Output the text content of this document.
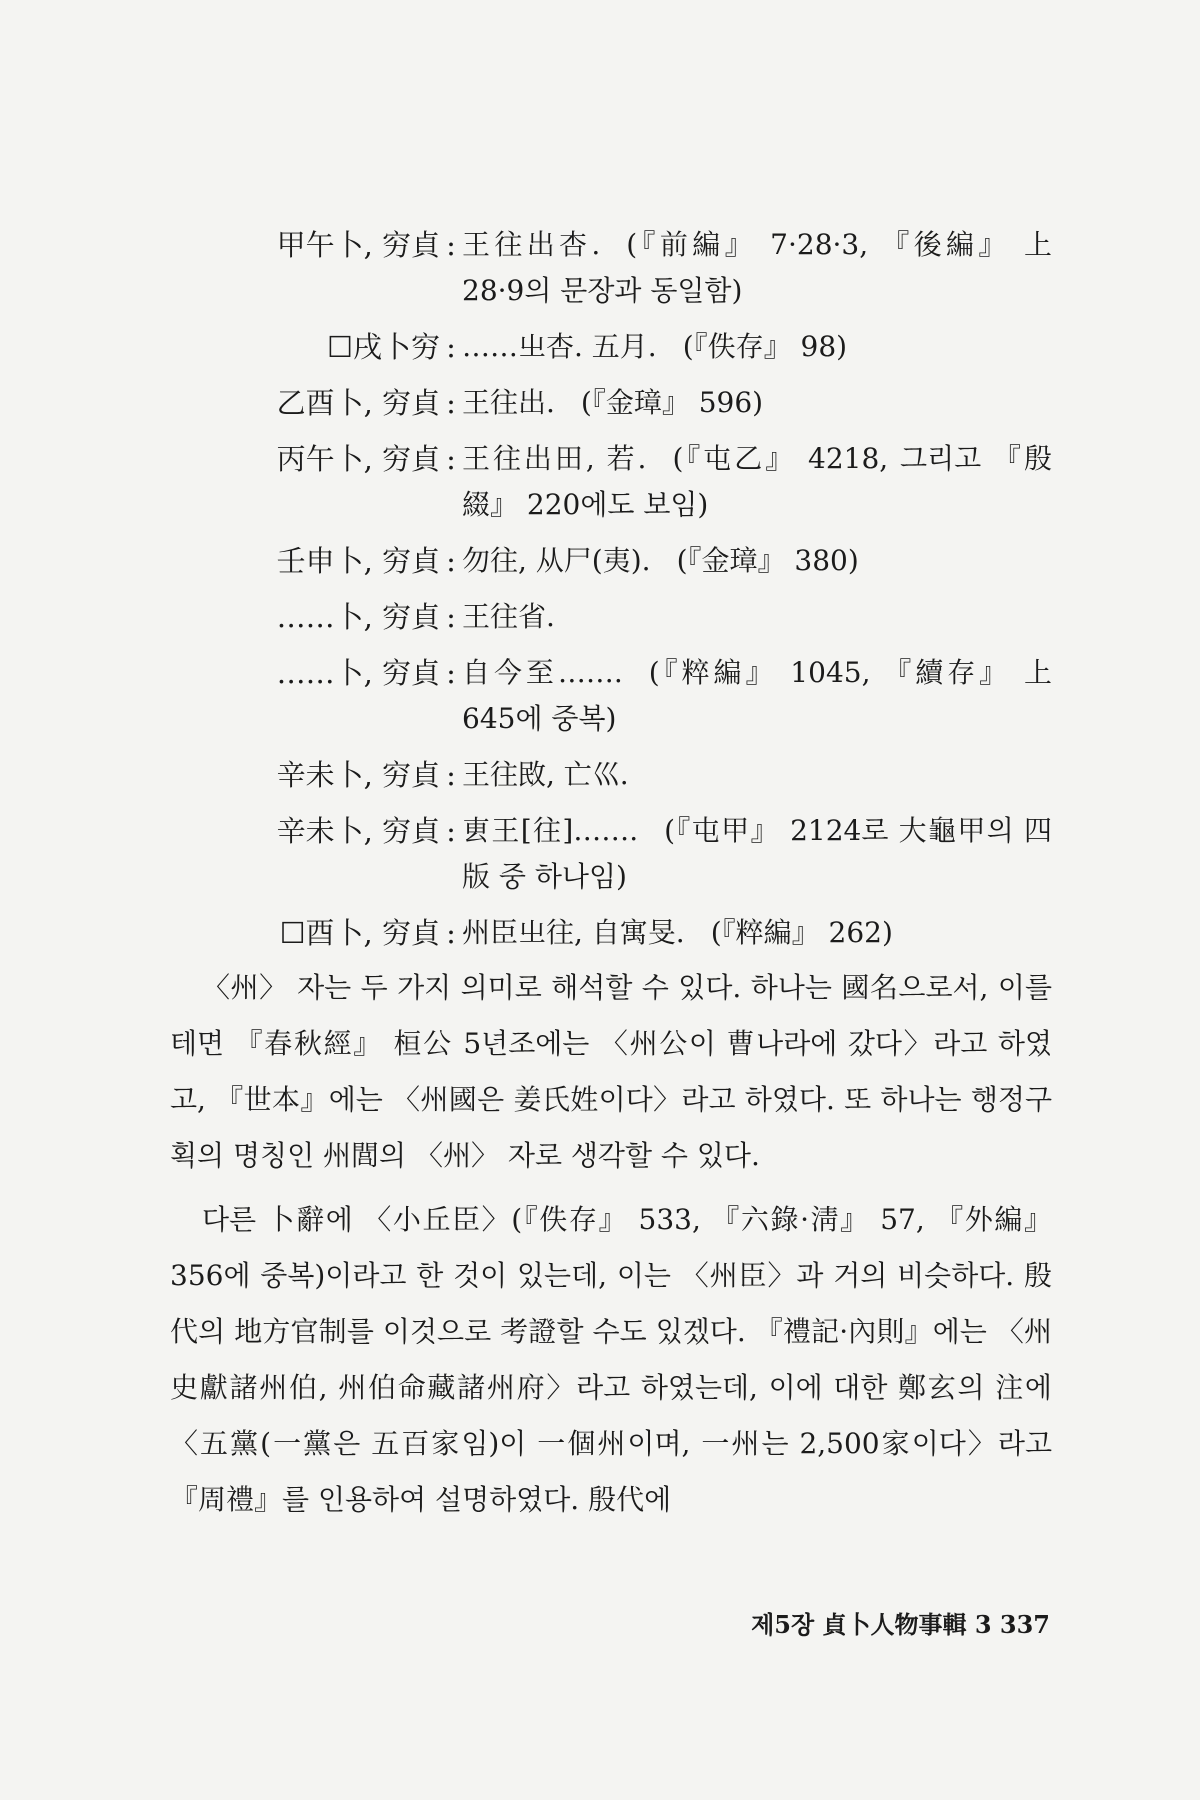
甲午卜, 穷貞 : 王往出杏. (『前編』 7·28·3, 『後編』 上 28·9의 문장과 동일함)
☐戌卜穷 : ……㞢杏. 五月. (『佚存』 98)
乙酉卜, 穷貞 : 王往出. (『金璋』 596)
丙午卜, 穷貞 : 王往出田, 若. (『屯乙』 4218, 그리고 『殷綴』 220에도 보임)
壬申卜, 穷貞 : 勿往, 从尸(夷). (『金璋』 380)
……卜, 穷貞 : 王往省.
……卜, 穷貞 : 自今至……. (『粹編』 1045, 『續存』 上 645에 중복)
辛未卜, 穷貞 : 王往敃, 亡巛.
辛未卜, 穷貞 : 叀王[往]……. (『屯甲』 2124로 大龜甲의 四版 중 하나임)
☐酉卜, 穷貞 : 州臣㞢往, 自寓旻. (『粹編』 262)

〈州〉 자는 두 가지 의미로 해석할 수 있다. 하나는 國名으로서, 이를테면 『春秋經』 桓公 5년조에는 〈州公이 曹나라에 갔다〉라고 하였고, 『世本』에는 〈州國은 姜氏姓이다〉라고 하였다. 또 하나는 행정구획의 명칭인 州閭의 〈州〉 자로 생각할 수 있다.

다른 卜辭에 〈小丘臣〉(『佚存』 533, 『六錄·淸』 57, 『外編』 356에 중복)이라고 한 것이 있는데, 이는 〈州臣〉과 거의 비슷하다. 殷代의 地方官制를 이것으로 考證할 수도 있겠다. 『禮記·內則』에는 〈州史獻諸州伯, 州伯命藏諸州府〉라고 하였는데, 이에 대한 鄭玄의 注에 〈五黨(一黨은 五百家임)이 一個州이며, 一州는 2,500家이다〉라고 『周禮』를 인용하여 설명하였다. 殷代에

제5장 貞卜人物事輯 3 337
